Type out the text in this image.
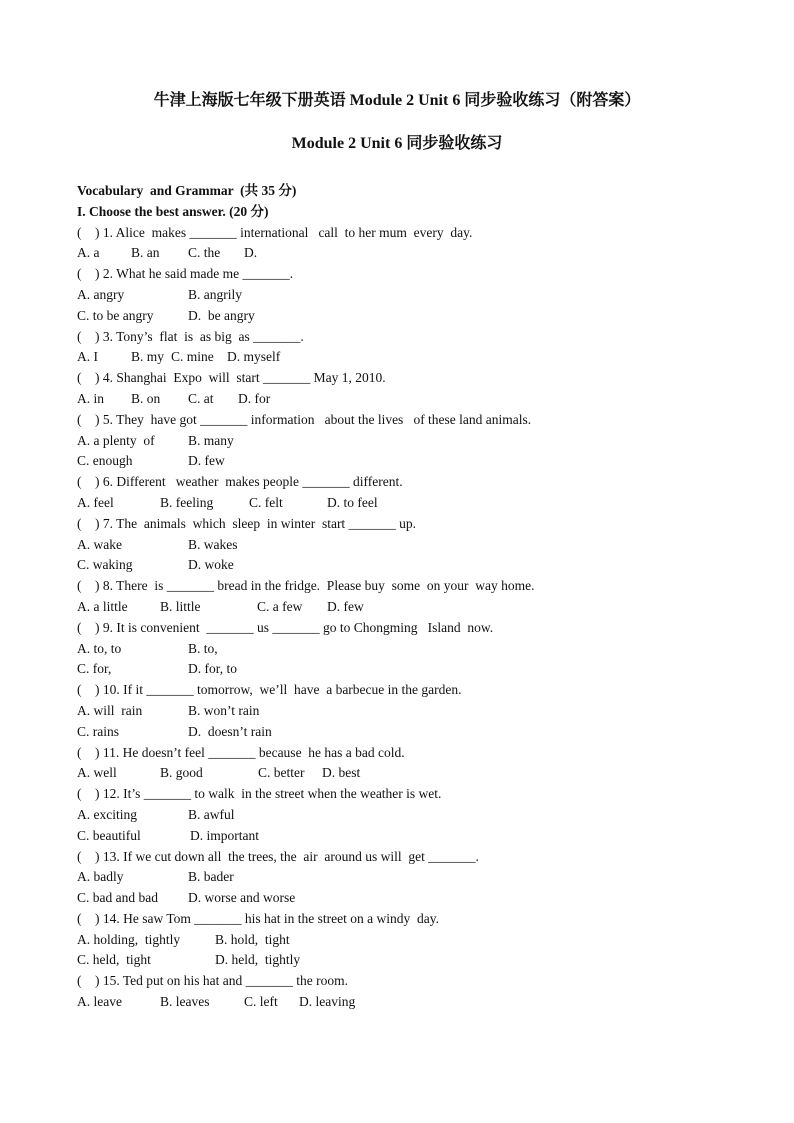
牛津上海版七年级下册英语 Module 2 Unit 6 同步验收练习（附答案）
Module 2 Unit 6 同步验收练习
Vocabulary  and Grammar  (共 35 分)
I. Choose the best answer. (20 分)
(    ) 1. Alice  makes _______ international   call  to her mum  every  day.
A. a	B. an	C. the	D.
(    ) 2. What he said made me _______.
A. angry	B. angrily
C. to be angry	D.  be angry
(    ) 3. Tony’s  flat  is  as big  as _______.
A. I	B. my C. mine D. myself
(    ) 4. Shanghai  Expo  will  start _______ May 1, 2010.
A. in	B. on	C. at	D. for
(    ) 5. They  have got _______ information   about the lives   of these land animals.
A. a plenty  of	B. many
C. enough	D. few
(    ) 6. Different   weather  makes people _______ different.
A. feel	B. feeling	C. felt	D. to feel
(    ) 7. The  animals  which  sleep  in winter  start _______ up.
A. wake	B. wakes
C. waking	D. woke
(    ) 8. There  is _______ bread in the fridge.  Please buy  some  on your  way home.
A. a little	B. little	C. a few	D. few
(    ) 9. It is convenient  _______ us _______ go to Chongming   Island  now.
A. to, to	B. to,
C. for,	D. for, to
(    ) 10. If it _______ tomorrow,  we’ll  have  a barbecue in the garden.
A. will  rain	B. won’t rain
C. rains	D.  doesn’t rain
(    ) 11. He doesn’t feel _______ because  he has a bad cold.
A. well	B. good	C. better	D. best
(    ) 12. It’s _______ to walk  in the street when the weather is wet.
A. exciting	B. awful
C. beautiful	D. important
(    ) 13. If we cut down all  the trees, the  air  around us will  get _______.
A. badly	B. bader
C. bad and bad	D. worse and worse
(    ) 14. He saw Tom _______ his hat in the street on a windy  day.
A. holding,  tightly	B. hold,  tight
C. held,  tight	D. held,  tightly
(    ) 15. Ted put on his hat and _______ the room.
A. leave	B. leaves	C. left	D. leaving
